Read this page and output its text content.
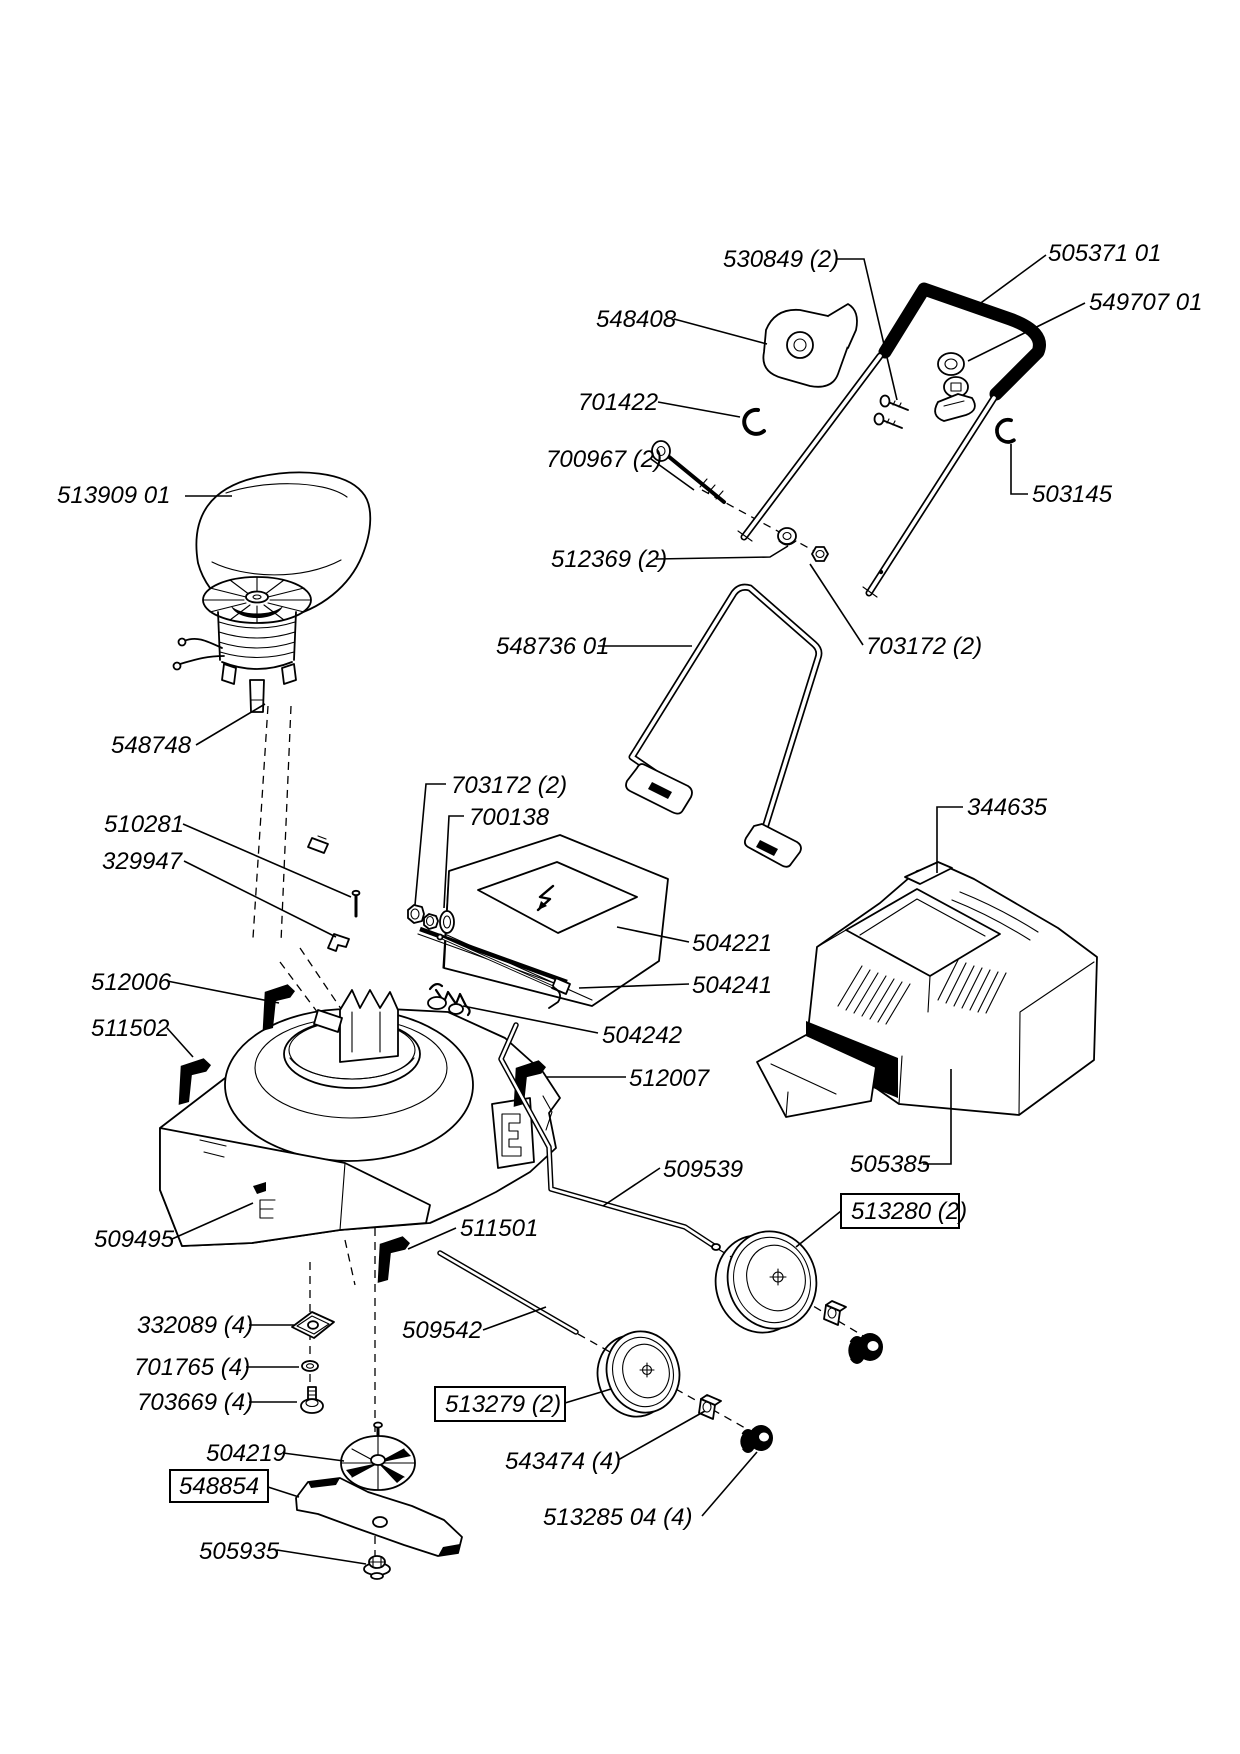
513909 01
530849 (2)	505371 01
548408
549707 01
701422
700967 (2)
503145
512369 (2)
548736 01	703172 (2)
548748
703172 (2)
700138
510281
329947
344635
504221
504241
512006
504242
511502
512007
505385
509539
509495
513280 (2)
511501
332089 (4)	509542
701765 (4)
703669 (4)	513279 (2)
504219	543474 (4)
548854
513285 04 (4)
505935
